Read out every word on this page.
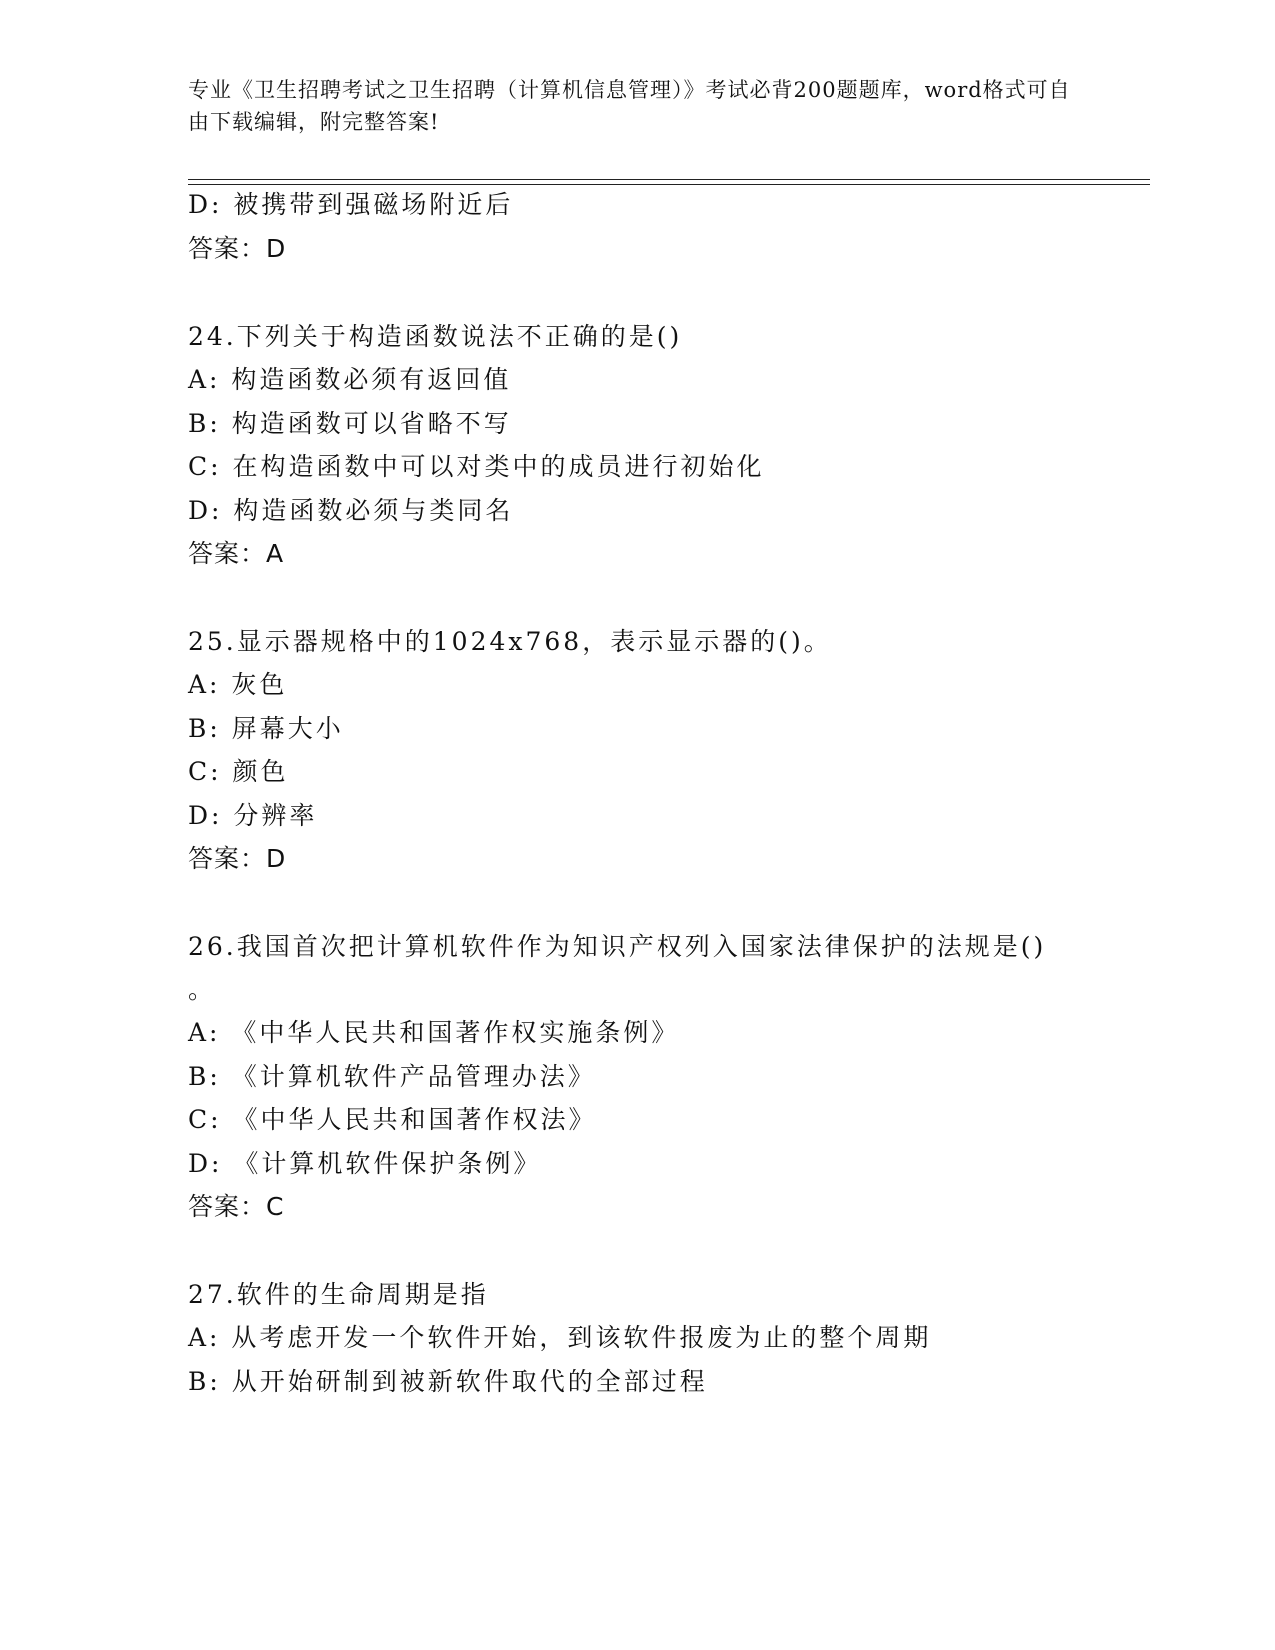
专业《卫生招聘考试之卫生招聘（计算机信息管理）》考试必背200题题库，word格式可自由下载编辑，附完整答案!
D: 被携带到强磁场附近后
答案：D
24.下列关于构造函数说法不正确的是()
A: 构造函数必须有返回值
B: 构造函数可以省略不写
C: 在构造函数中可以对类中的成员进行初始化
D: 构造函数必须与类同名
答案：A
25.显示器规格中的1024x768，表示显示器的()。
A: 灰色
B: 屏幕大小
C: 颜色
D: 分辨率
答案：D
26.我国首次把计算机软件作为知识产权列入国家法律保护的法规是()
。
A: 《中华人民共和国著作权实施条例》
B: 《计算机软件产品管理办法》
C: 《中华人民共和国著作权法》
D: 《计算机软件保护条例》
答案：C
27.软件的生命周期是指
A: 从考虑开发一个软件开始，到该软件报废为止的整个周期
B: 从开始研制到被新软件取代的全部过程
